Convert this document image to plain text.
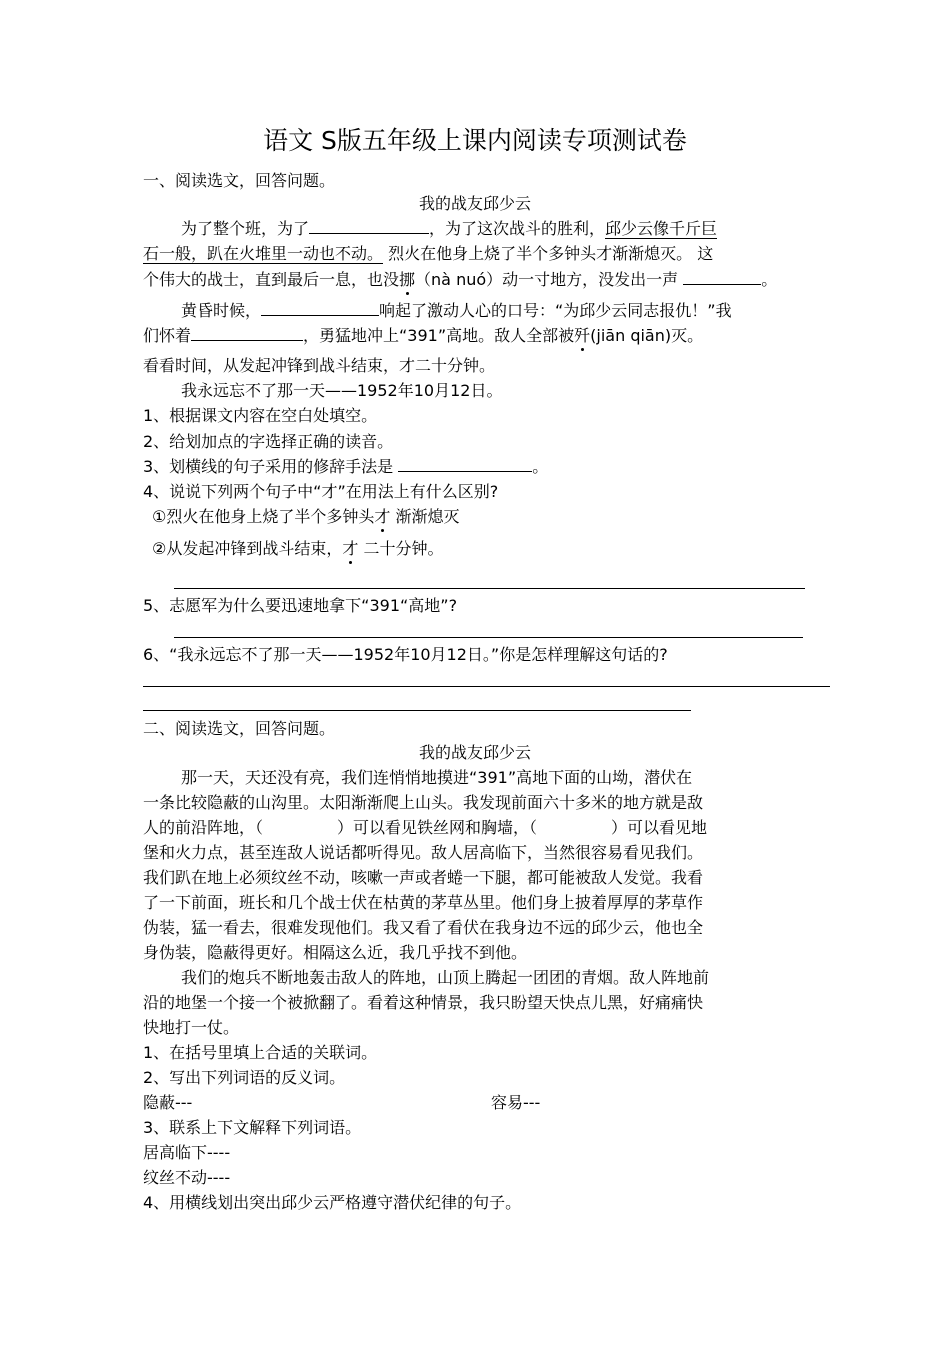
语文 S版五年级上课内阅读专项测试卷
一、阅读选文，回答问题。
我的战友邱少云
为了整个班，为了	，为了这次战斗的胜利，邱少云像千斤巨
石一般，趴在火堆里一动也不动。 烈火在他身上烧了半个多钟头才渐渐熄灭。 这
个伟大的战士，直到最后一息，也没挪（nà nuó）动一寸地方，没发出一声	。
黄昏时候，	响起了激动人心的口号：“为邱少云同志报仇！”我
们怀着	，勇猛地冲上“391”高地。敌人全部被歼(jiān qiān)灭。
看看时间，从发起冲锋到战斗结束，才二十分钟。
我永远忘不了那一天——1952年10月12日。
1、根据课文内容在空白处填空。
2、给划加点的字选择正确的读音。
3、划横线的句子采用的修辞手法是	。
4、说说下列两个句子中“才”在用法上有什么区别?
①烈火在他身上烧了半个多钟头才 渐渐熄灭
②从发起冲锋到战斗结束，才 二十分钟。
5、志愿军为什么要迅速地拿下“391“高地”?
6、“我永远忘不了那一天——1952年10月12日。”你是怎样理解这句话的?
二、阅读选文，回答问题。
我的战友邱少云
那一天，天还没有亮，我们连悄悄地摸进“391”高地下面的山坳，潜伏在
一条比较隐蔽的山沟里。太阳渐渐爬上山头。我发现前面六十多米的地方就是敌
人的前沿阵地，（	）可以看见铁丝网和胸墙，（	）可以看见地
堡和火力点，甚至连敌人说话都听得见。敌人居高临下，当然很容易看见我们。
我们趴在地上必须纹丝不动，咳嗽一声或者蜷一下腿，都可能被敌人发觉。我看
了一下前面，班长和几个战士伏在枯黄的茅草丛里。他们身上披着厚厚的茅草作
伪装，猛一看去，很难发现他们。我又看了看伏在我身边不远的邱少云，他也全
身伪装，隐蔽得更好。相隔这么近，我几乎找不到他。
我们的炮兵不断地轰击敌人的阵地，山顶上腾起一团团的青烟。敌人阵地前
沿的地堡一个接一个被掀翻了。看着这种情景，我只盼望天快点儿黑，好痛痛快
快地打一仗。
1、在括号里填上合适的关联词。
2、写出下列词语的反义词。
隐蔽---	容易---
3、联系上下文解释下列词语。
居高临下----
纹丝不动----
4、用横线划出突出邱少云严格遵守潜伏纪律的句子。
